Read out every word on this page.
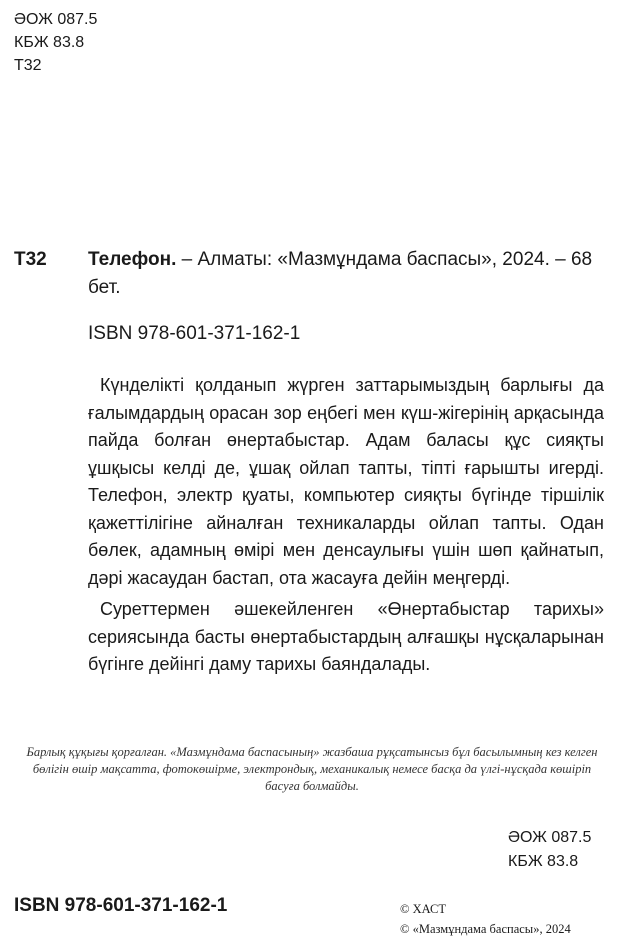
ӘОЖ 087.5
КБЖ 83.8
Т32
Т32 Телефон. – Алматы: «Мазмұндама баспасы», 2024. – 68 бет.
ISBN 978-601-371-162-1

Күнделікті қолданып жүрген заттарымыздың барлығы да ғалымдардың орасан зор еңбегі мен күш-жігерінің арқасында пайда болған өнертабыстар. Адам баласы құс сияқты ұшқысы келді де, ұшақ ойлап тапты, тіпті ғарышты игерді. Телефон, электр қуаты, компьютер сияқты бүгінде тіршілік қажеттілігіне айналған техникаларды ойлап тапты. Одан бөлек, адамның өмірі мен денсаулығы үшін шөп қайнатып, дәрі жасаудан бастап, ота жасауға дейін меңгерді.

Суреттермен әшекейленген «Өнертабыстар тарихы» сериясында басты өнертабыстардың алғашқы нұсқаларынан бүгінге дейінгі даму тарихы баяндалады.

Барлық құқығы қорғалған. «Мазмұндама баспасының» жазбаша рұқсатынсыз бұл басылымның кез келген бөлігін өшір мақсатта, фотокөшірме, электрондық, механикалық немесе басқа да үлгі-нұсқада көшіріп басуға болмайды.
ӘОЖ 087.5
КБЖ 83.8
ISBN 978-601-371-162-1	© ХАСТ
© «Мазмұндама баспасы», 2024
